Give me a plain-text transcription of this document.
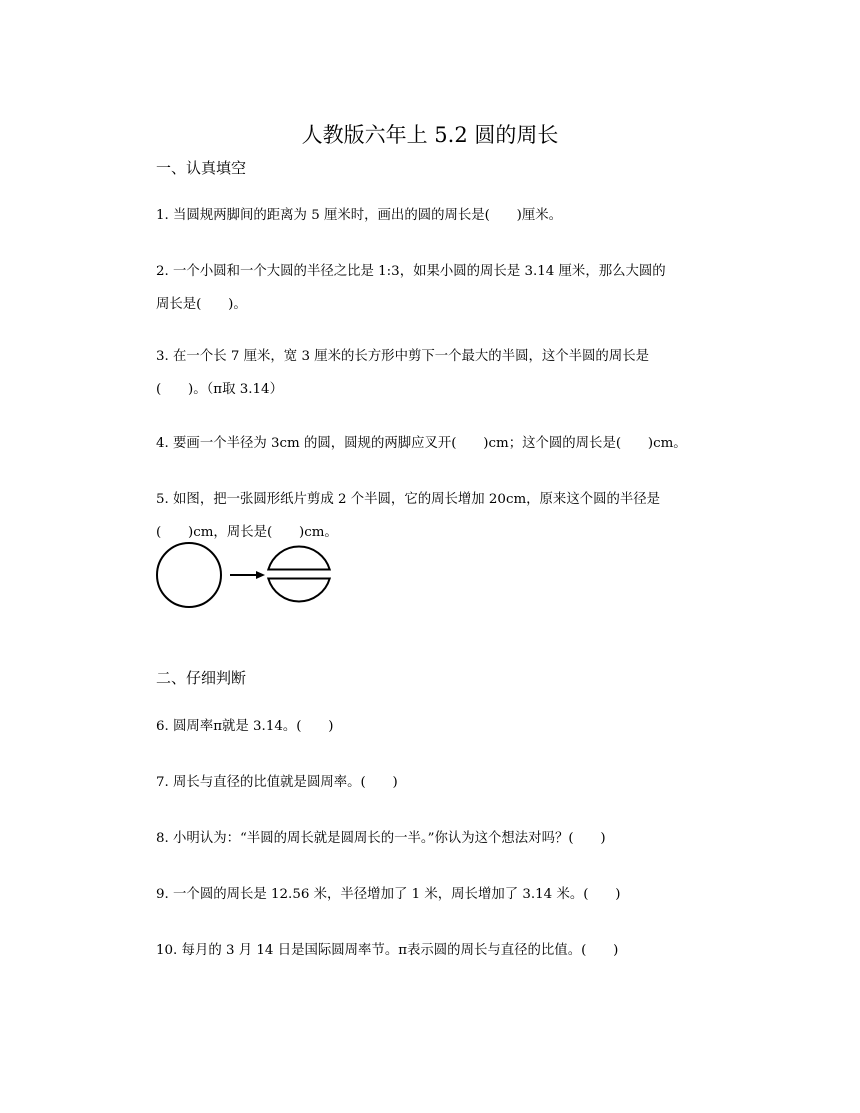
人教版六年上 5.2 圆的周长
一、认真填空
1. 当圆规两脚间的距离为 5 厘米时，画出的圆的周长是(　　)厘米。
2. 一个小圆和一个大圆的半径之比是 1:3，如果小圆的周长是 3.14 厘米，那么大圆的
周长是(　　)。
3. 在一个长 7 厘米，宽 3 厘米的长方形中剪下一个最大的半圆，这个半圆的周长是
(　　)。（π取 3.14）
4. 要画一个半径为 3cm 的圆，圆规的两脚应叉开(　　)cm；这个圆的周长是(　　)cm。
5. 如图，把一张圆形纸片剪成 2 个半圆，它的周长增加 20cm，原来这个圆的半径是
(　　)cm，周长是(　　)cm。
二、仔细判断
6. 圆周率π就是 3.14。(　　)
7. 周长与直径的比值就是圆周率。(　　)
8. 小明认为：“半圆的周长就是圆周长的一半。”你认为这个想法对吗？(　　)
9. 一个圆的周长是 12.56 米，半径增加了 1 米，周长增加了 3.14 米。(　　)
10. 每月的 3 月 14 日是国际圆周率节。π表示圆的周长与直径的比值。(　　)
